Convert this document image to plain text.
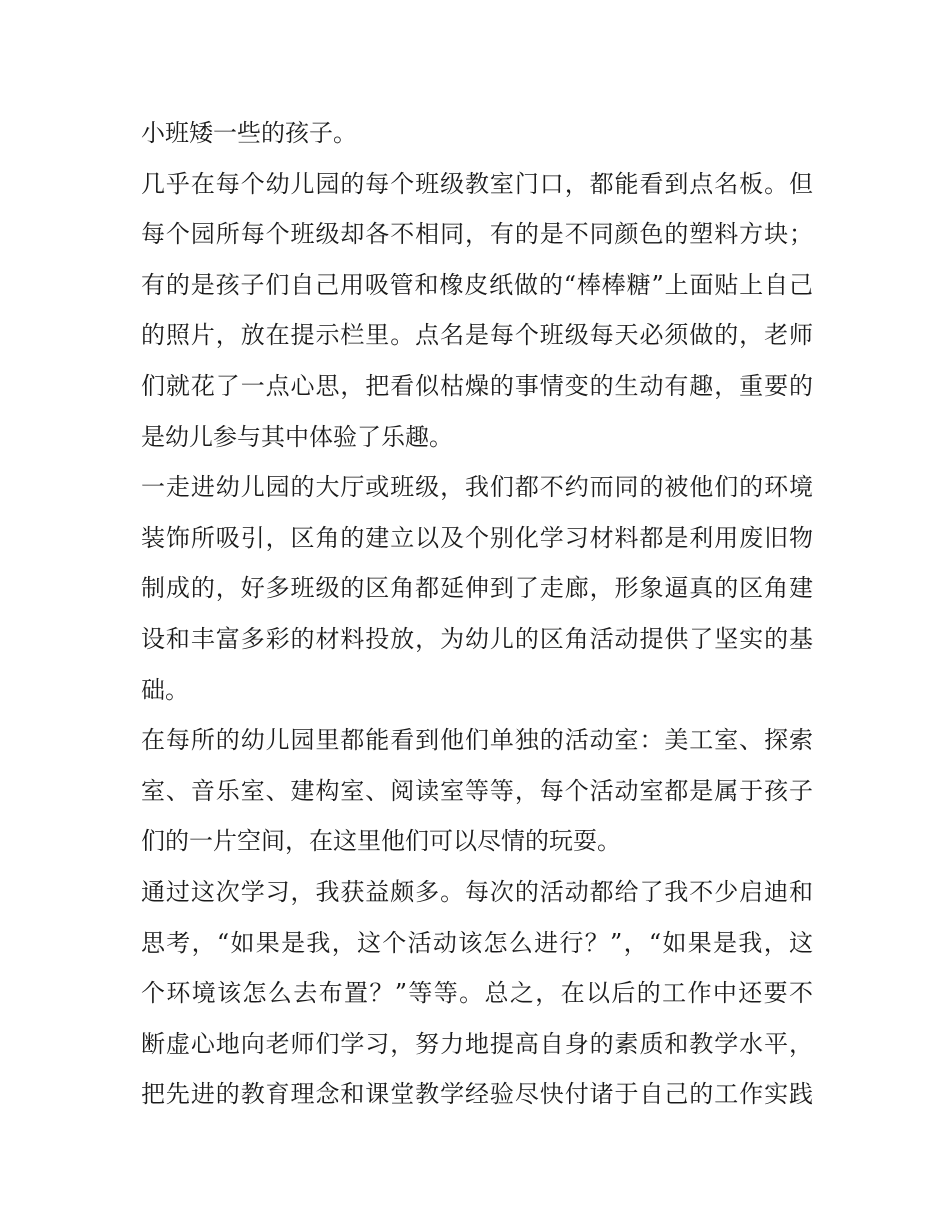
小班矮一些的孩子。
几乎在每个幼儿园的每个班级教室门口，都能看到点名板。但
每个园所每个班级却各不相同，有的是不同颜色的塑料方块；
有的是孩子们自己用吸管和橡皮纸做的“棒棒糖”上面贴上自己
的照片，放在提示栏里。点名是每个班级每天必须做的，老师
们就花了一点心思，把看似枯燥的事情变的生动有趣，重要的
是幼儿参与其中体验了乐趣。
一走进幼儿园的大厅或班级，我们都不约而同的被他们的环境
装饰所吸引，区角的建立以及个别化学习材料都是利用废旧物
制成的，好多班级的区角都延伸到了走廊，形象逼真的区角建
设和丰富多彩的材料投放，为幼儿的区角活动提供了坚实的基
础。
在每所的幼儿园里都能看到他们单独的活动室：美工室、探索
室、音乐室、建构室、阅读室等等，每个活动室都是属于孩子
们的一片空间，在这里他们可以尽情的玩耍。
通过这次学习，我获益颇多。每次的活动都给了我不少启迪和
思考，“如果是我，这个活动该怎么进行？”，“如果是我，这
个环境该怎么去布置？”等等。总之，在以后的工作中还要不
断虚心地向老师们学习，努力地提高自身的素质和教学水平，
把先进的教育理念和课堂教学经验尽快付诸于自己的工作实践
